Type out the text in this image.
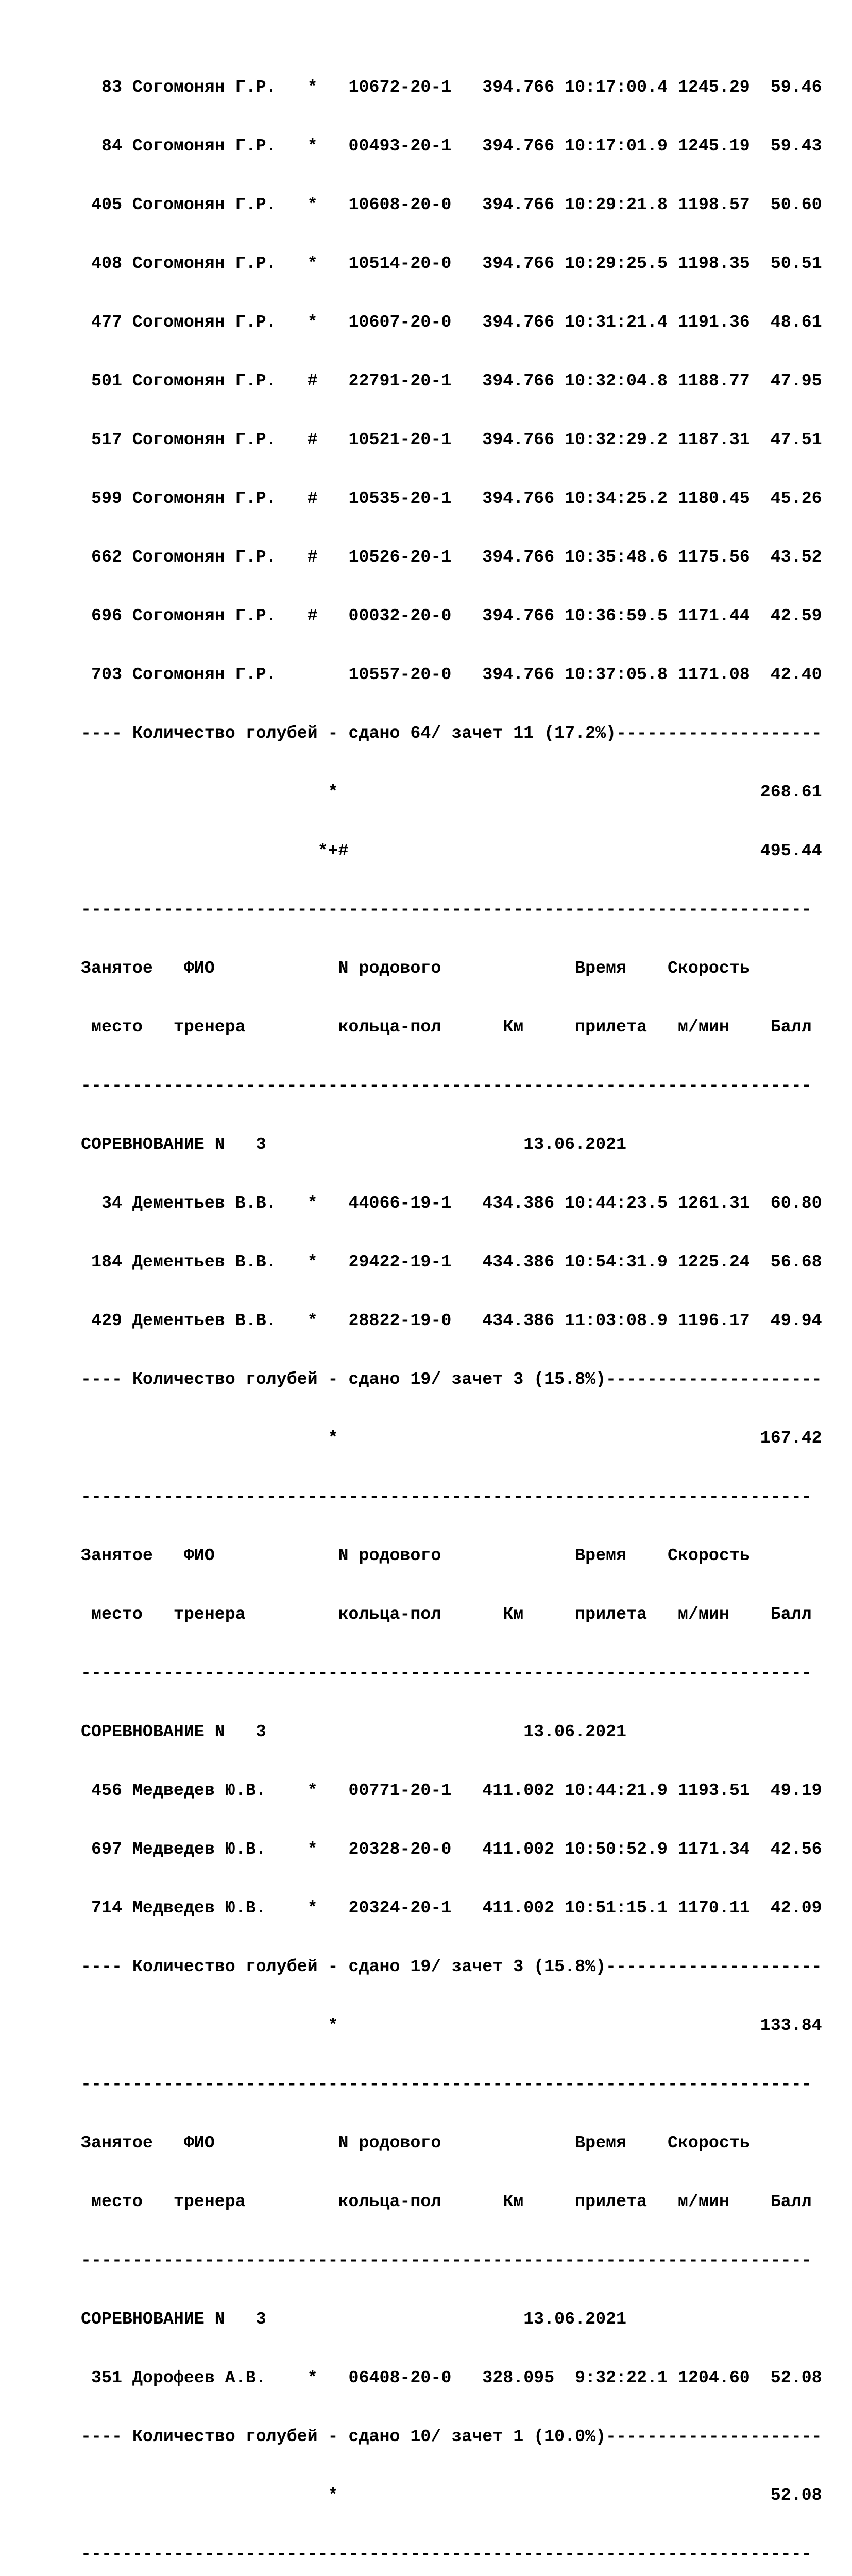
83 Согомонян Г.Р.   *   10672-20-1   394.766 10:17:00.4 1245.29  59.46

84 Согомонян Г.Р.   *   00493-20-1   394.766 10:17:01.9 1245.19  59.43

405 Согомонян Г.Р.   *   10608-20-0   394.766 10:29:21.8 1198.57  50.60

408 Согомонян Г.Р.   *   10514-20-0   394.766 10:29:25.5 1198.35  50.51

477 Согомонян Г.Р.   *   10607-20-0   394.766 10:31:21.4 1191.36  48.61

501 Согомонян Г.Р.   #   22791-20-1   394.766 10:32:04.8 1188.77  47.95

517 Согомонян Г.Р.   #   10521-20-1   394.766 10:32:29.2 1187.31  47.51

599 Согомонян Г.Р.   #   10535-20-1   394.766 10:34:25.2 1180.45  45.26

662 Согомонян Г.Р.   #   10526-20-1   394.766 10:35:48.6 1175.56  43.52

696 Согомонян Г.Р.   #   00032-20-0   394.766 10:36:59.5 1171.44  42.59

703 Согомонян Г.Р.       10557-20-0   394.766 10:37:05.8 1171.08  42.40

---- Количество голубей - сдано 64/ зачет 11 (17.2%)--------------------

*                                         268.61

*+#                                        495.44

-----------------------------------------------------------------------

Занятое   ФИО            N родового             Время    Скорость

место   тренера         кольца-пол      Км     прилета   м/мин    Балл

-----------------------------------------------------------------------

СОРЕВНОВАНИЕ N   3                         13.06.2021

34 Дементьев В.В.   *   44066-19-1   434.386 10:44:23.5 1261.31  60.80

184 Дементьев В.В.   *   29422-19-1   434.386 10:54:31.9 1225.24  56.68

429 Дементьев В.В.   *   28822-19-0   434.386 11:03:08.9 1196.17  49.94

---- Количество голубей - сдано 19/ зачет 3 (15.8%)---------------------

*                                         167.42

-----------------------------------------------------------------------

Занятое   ФИО            N родового             Время    Скорость

место   тренера         кольца-пол      Км     прилета   м/мин    Балл

-----------------------------------------------------------------------

СОРЕВНОВАНИЕ N   3                         13.06.2021

456 Медведев Ю.В.    *   00771-20-1   411.002 10:44:21.9 1193.51  49.19

697 Медведев Ю.В.    *   20328-20-0   411.002 10:50:52.9 1171.34  42.56

714 Медведев Ю.В.    *   20324-20-1   411.002 10:51:15.1 1170.11  42.09

---- Количество голубей - сдано 19/ зачет 3 (15.8%)---------------------

*                                         133.84

-----------------------------------------------------------------------

Занятое   ФИО            N родового             Время    Скорость

место   тренера         кольца-пол      Км     прилета   м/мин    Балл

-----------------------------------------------------------------------

СОРЕВНОВАНИЕ N   3                         13.06.2021

351 Дорофеев А.В.    *   06408-20-0   328.095  9:32:22.1 1204.60  52.08

---- Количество голубей - сдано 10/ зачет 1 (10.0%)---------------------

*                                          52.08

-----------------------------------------------------------------------
